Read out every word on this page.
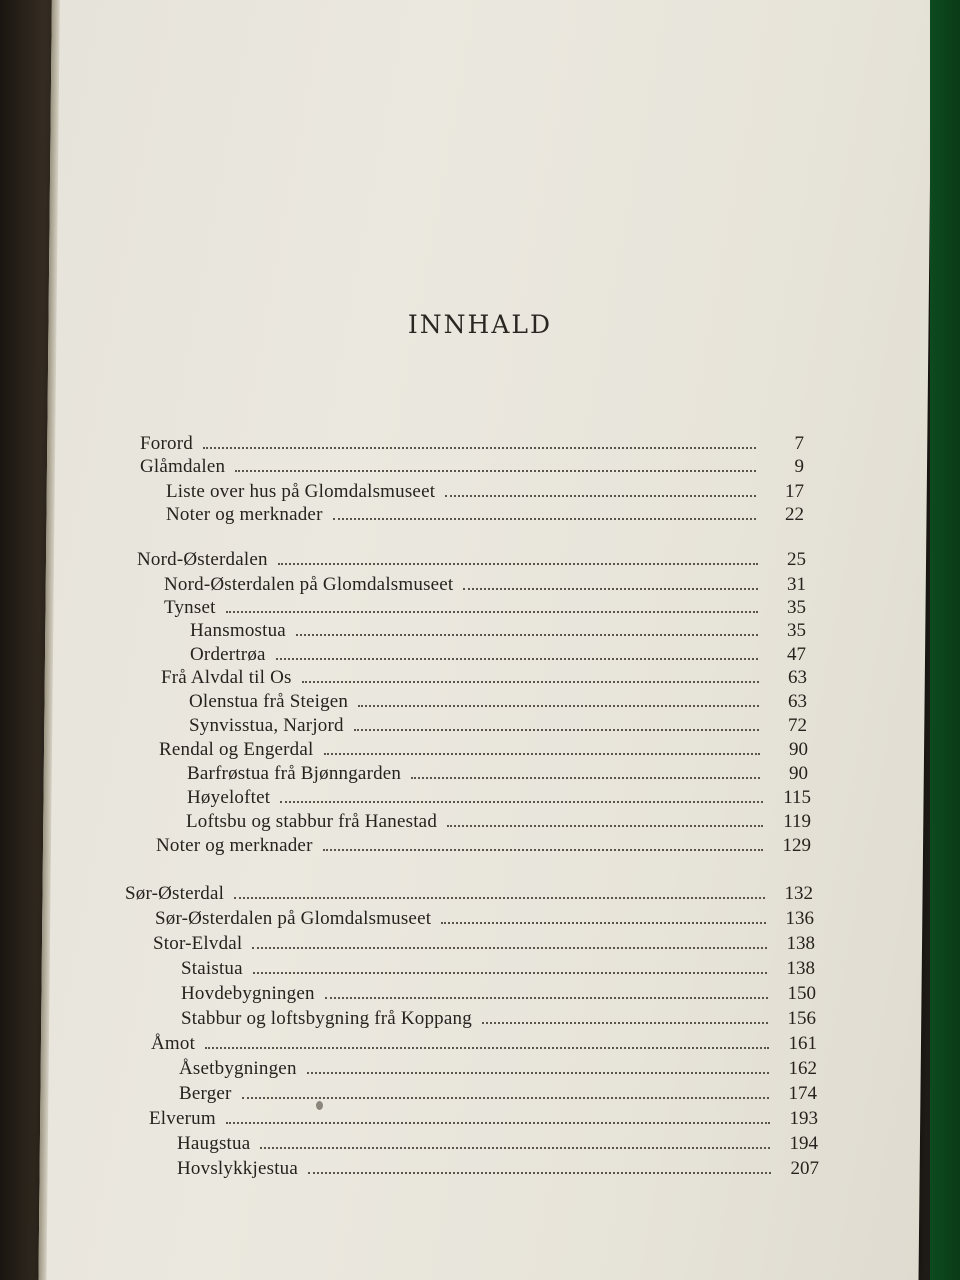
INNHALD
Forord	7
Glåmdalen	9
Liste over hus på Glomdalsmuseet	17
Noter og merknader	22
Nord-Østerdalen	25
Nord-Østerdalen på Glomdalsmuseet	31
Tynset	35
Hansmostua	35
Ordertrøa	47
Frå Alvdal til Os	63
Olenstua frå Steigen	63
Synvisstua, Narjord	72
Rendal og Engerdal	90
Barfrøstua frå Bjønngarden	90
Høyeloftet	115
Loftsbu og stabbur frå Hanestad	119
Noter og merknader	129
Sør-Østerdal	132
Sør-Østerdalen på Glomdalsmuseet	136
Stor-Elvdal	138
Staistua	138
Hovdebygningen	150
Stabbur og loftsbygning frå Koppang	156
Åmot	161
Åsetbygningen	162
Berger	174
Elverum	193
Haugstua	194
Hovslykkjestua	207
